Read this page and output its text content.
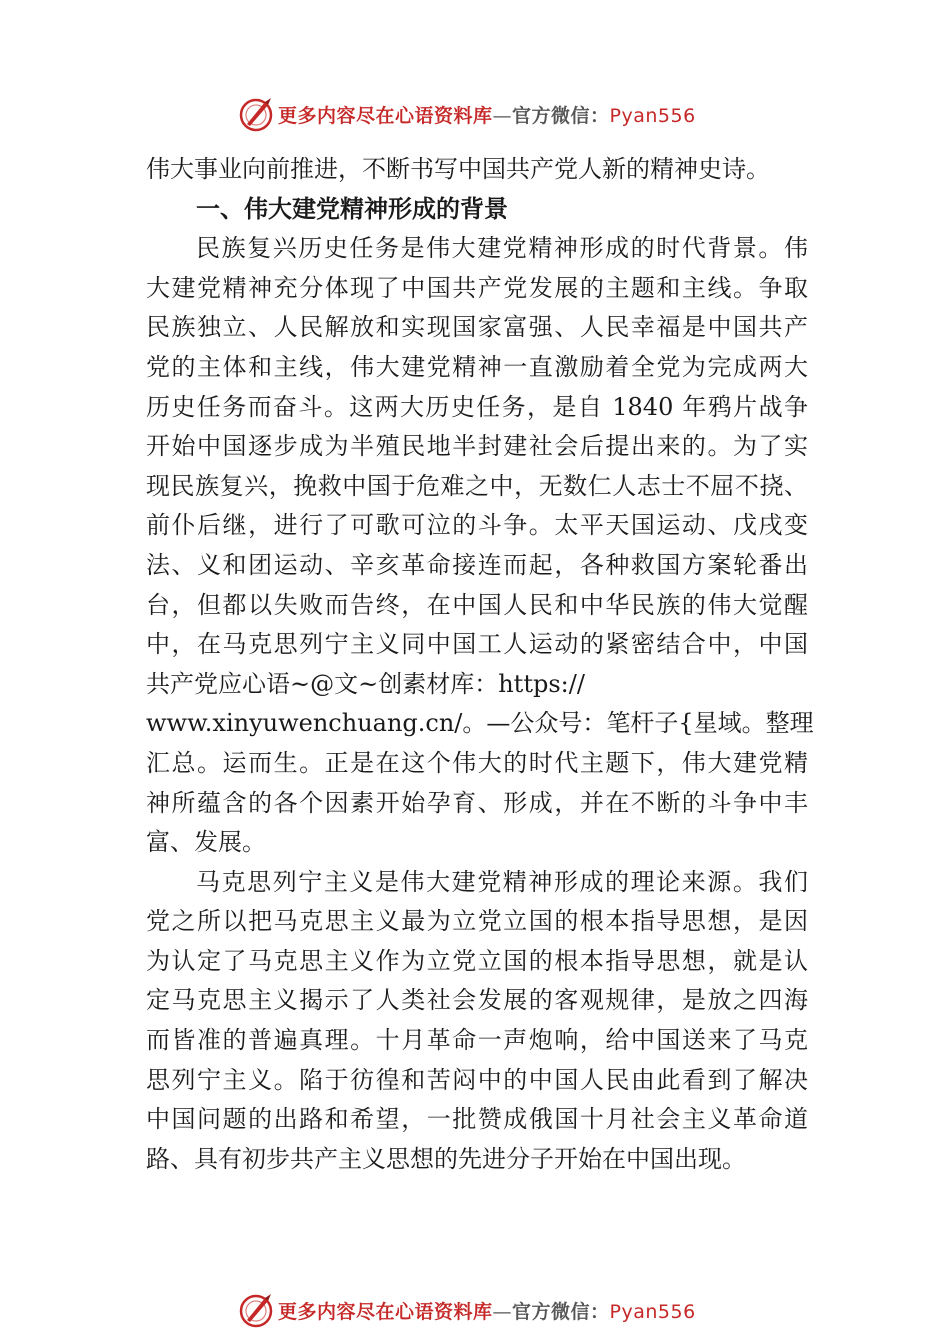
更多内容尽在心语资料库—官方微信：Pyan556
伟大事业向前推进，不断书写中国共产党人新的精神史诗。
一、伟大建党精神形成的背景
民族复兴历史任务是伟大建党精神形成的时代背景。伟
大建党精神充分体现了中国共产党发展的主题和主线。争取
民族独立、人民解放和实现国家富强、人民幸福是中国共产
党的主体和主线，伟大建党精神一直激励着全党为完成两大
历史任务而奋斗。这两大历史任务，是自 1840 年鸦片战争
开始中国逐步成为半殖民地半封建社会后提出来的。为了实
现民族复兴，挽救中国于危难之中，无数仁人志士不屈不挠、
前仆后继，进行了可歌可泣的斗争。太平天国运动、戊戌变
法、义和团运动、辛亥革命接连而起，各种救国方案轮番出
台，但都以失败而告终，在中国人民和中华民族的伟大觉醒
中，在马克思列宁主义同中国工人运动的紧密结合中，中国
共产党应心语~@文~创素材库：https://
www.xinyuwenchuang.cn/。—公众号：笔杆子{星域。整理
汇总。运而生。正是在这个伟大的时代主题下，伟大建党精
神所蕴含的各个因素开始孕育、形成，并在不断的斗争中丰
富、发展。
马克思列宁主义是伟大建党精神形成的理论来源。我们
党之所以把马克思主义最为立党立国的根本指导思想，是因
为认定了马克思主义作为立党立国的根本指导思想，就是认
定马克思主义揭示了人类社会发展的客观规律，是放之四海
而皆准的普遍真理。十月革命一声炮响，给中国送来了马克
思列宁主义。陷于彷徨和苦闷中的中国人民由此看到了解决
中国问题的出路和希望，一批赞成俄国十月社会主义革命道
路、具有初步共产主义思想的先进分子开始在中国出现。
更多内容尽在心语资料库—官方微信：Pyan556
